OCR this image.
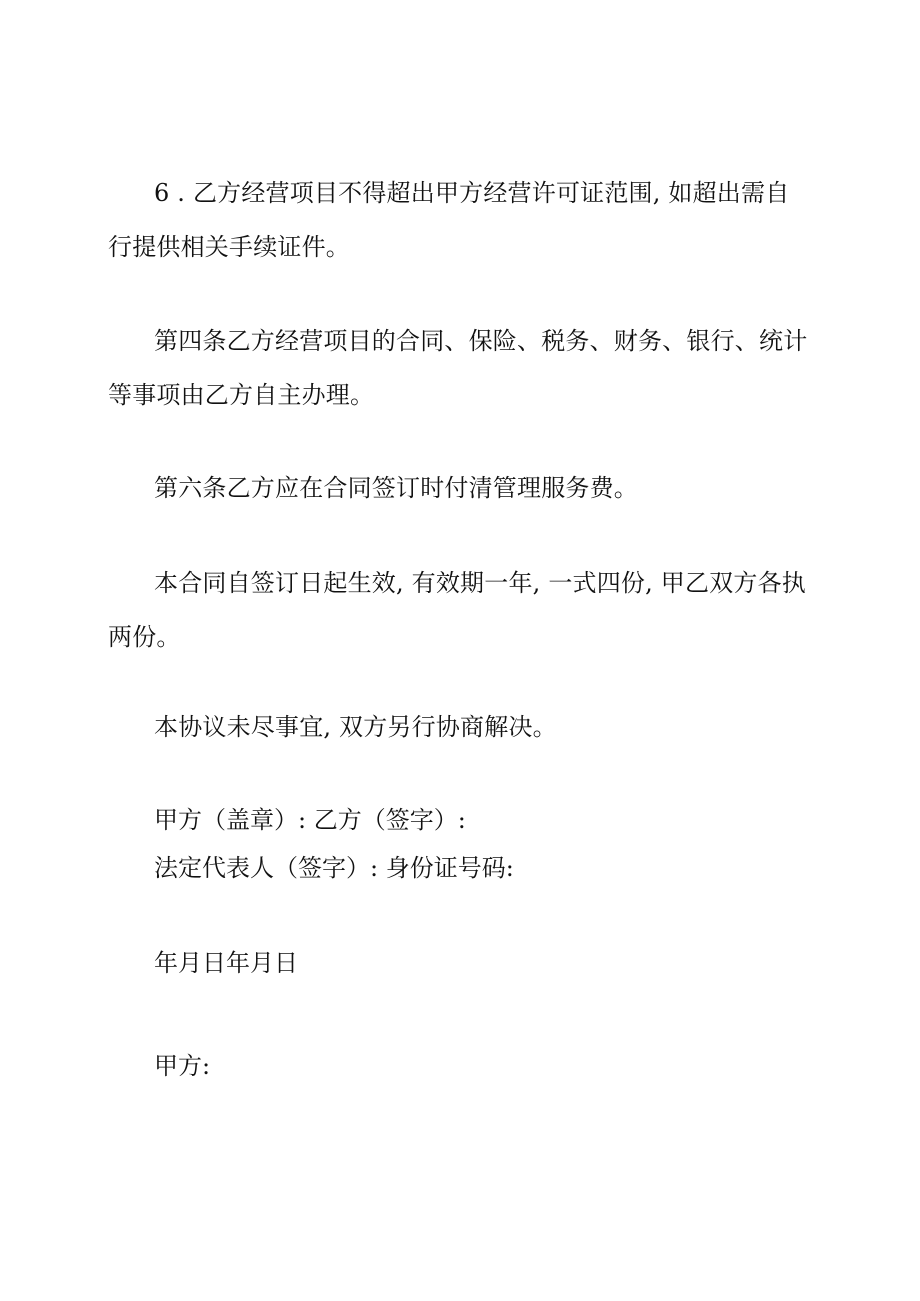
6 . 乙方经营项目不得超出甲方经营许可证范围, 如超出需自行提供相关手续证件。

第四条乙方经营项目的合同、保险、税务、财务、银行、统计等事项由乙方自主办理。

第六条乙方应在合同签订时付清管理服务费。

本合同自签订日起生效, 有效期一年, 一式四份, 甲乙双方各执两份。

本协议未尽事宜, 双方另行协商解决。

甲方（盖章）: 乙方（签字）:

法定代表人（签字）: 身份证号码:

年月日年月日

甲方:
